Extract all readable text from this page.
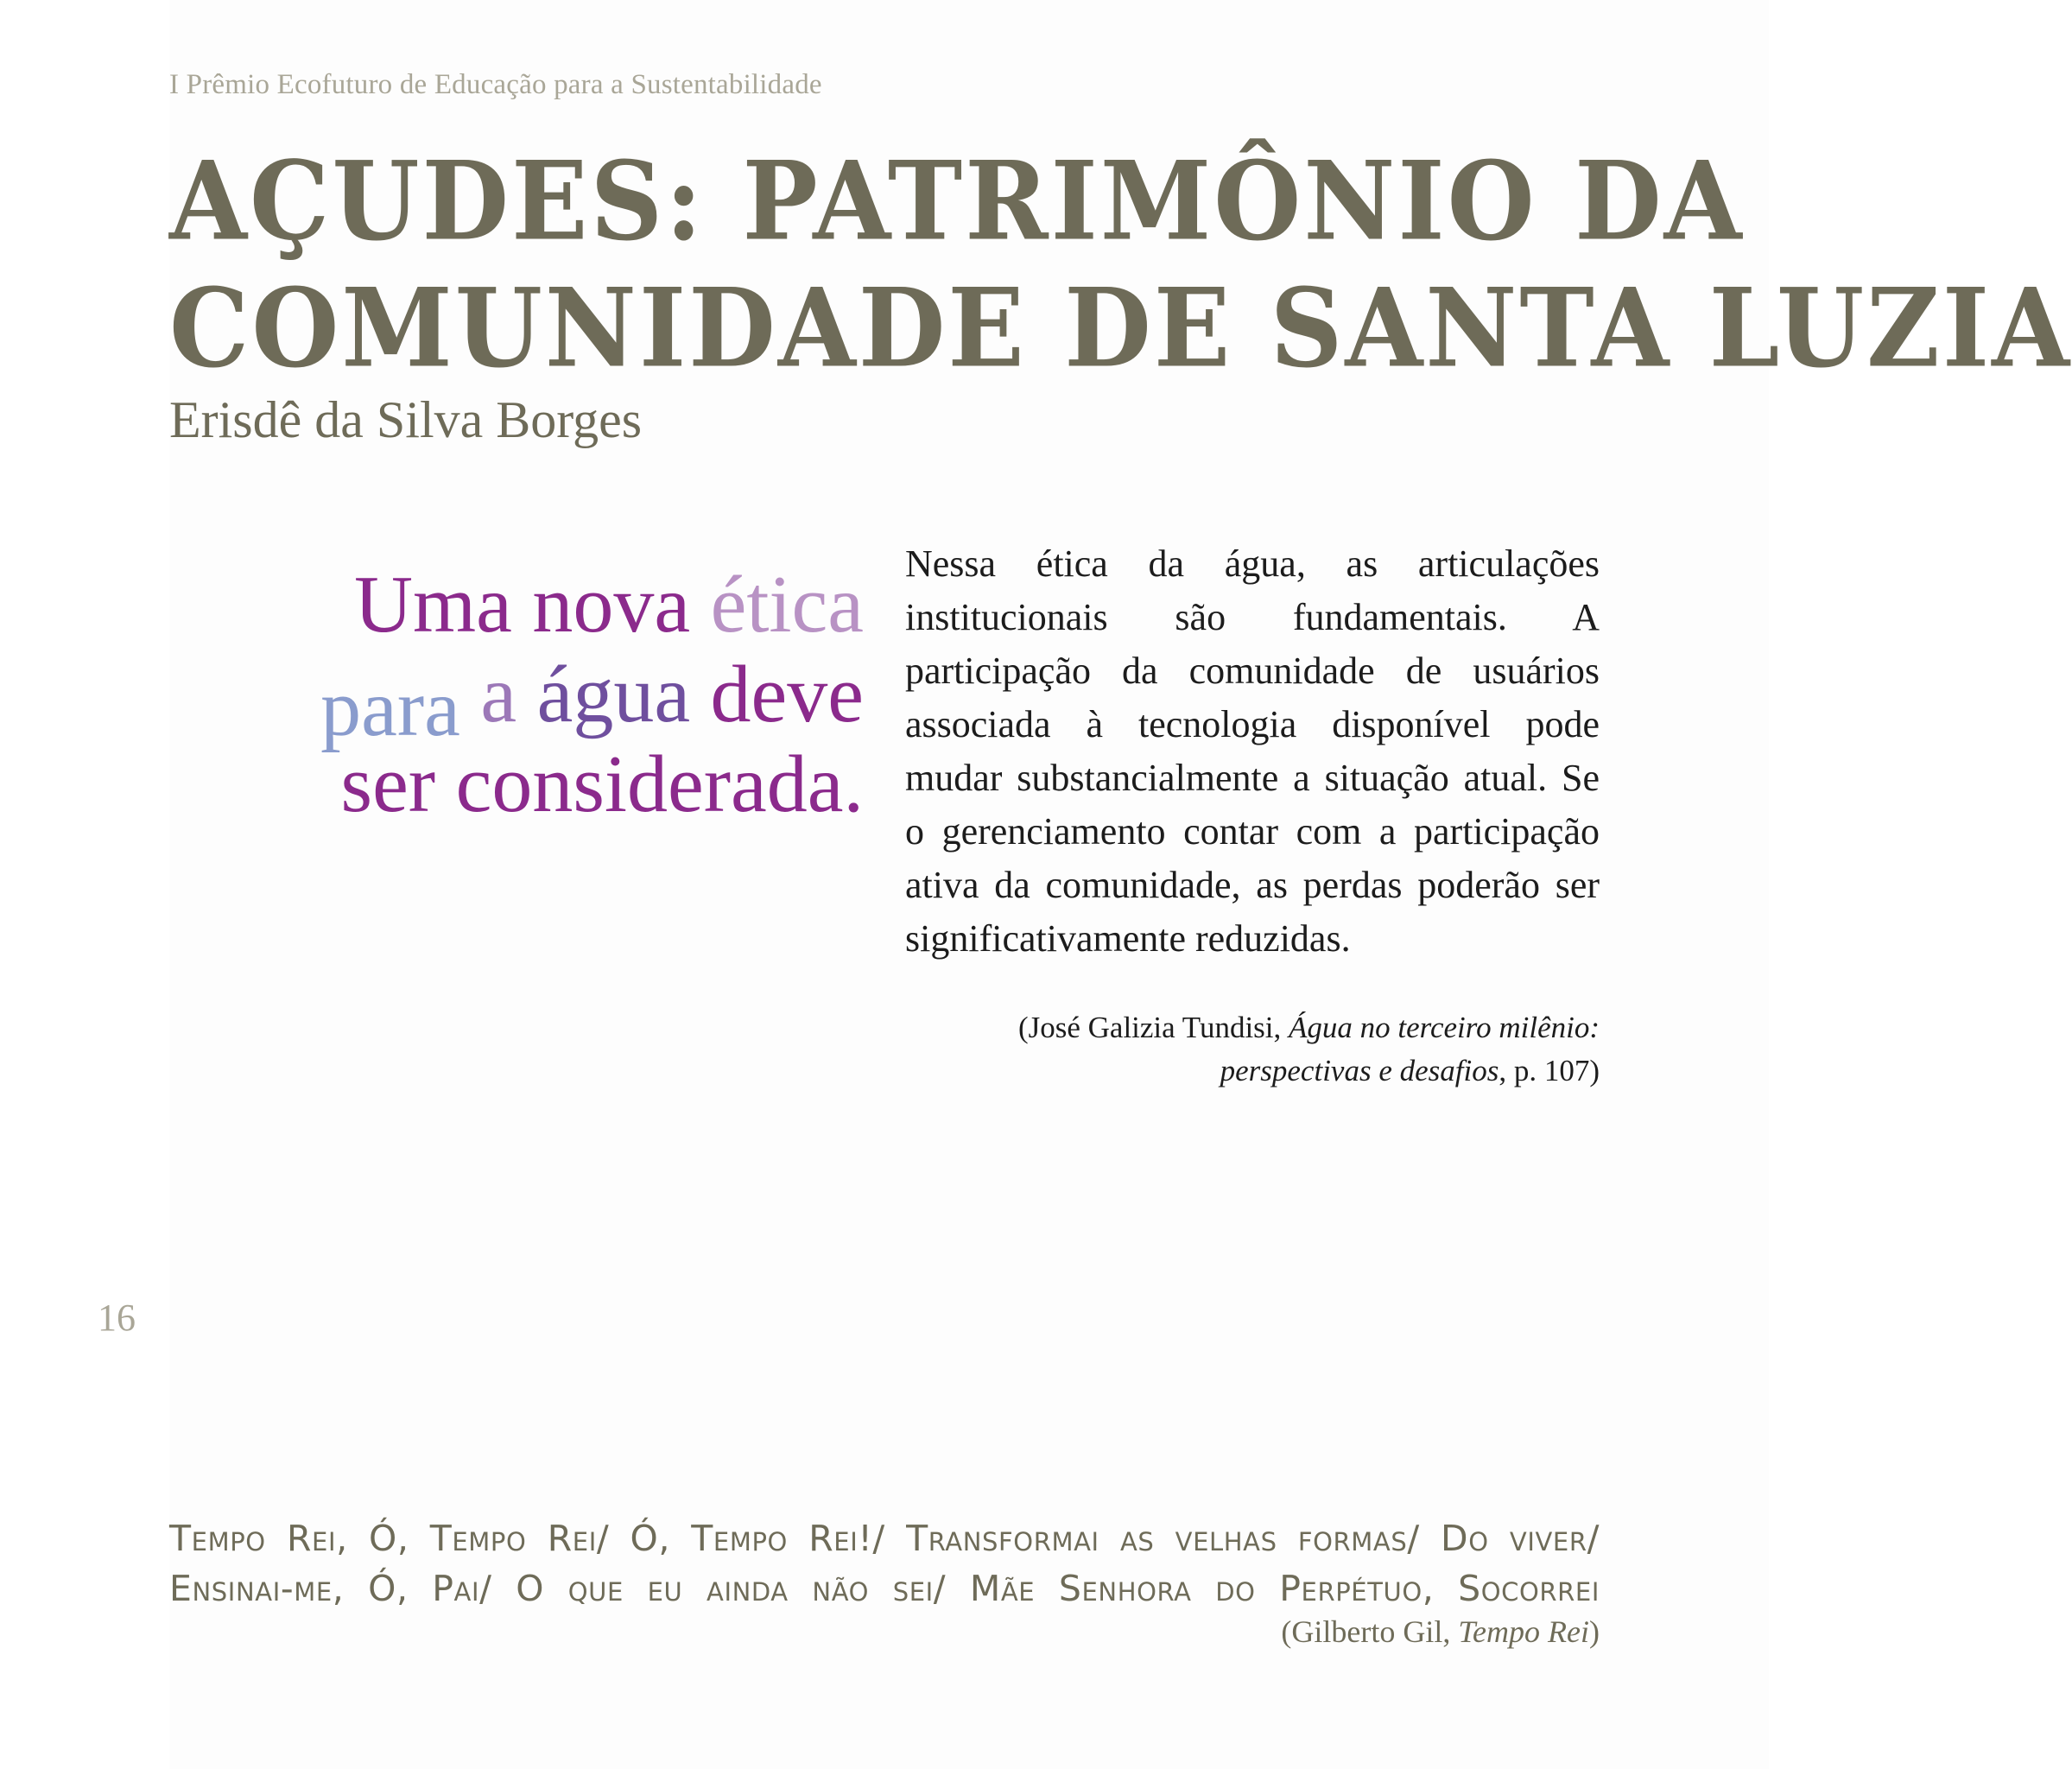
I Prêmio Ecofuturo de Educação para a Sustentabilidade
AÇUDES: PATRIMÔNIO DA
COMUNIDADE DE SANTA LUZIA
Erisdê da Silva Borges
Uma nova ética
para a água deve
ser considerada.
Nessa ética da água, as articulações institucionais são fundamentais. A participação da comunidade de usuários associada à tecnologia disponível pode mudar substancialmente a situação atual. Se o gerenciamento contar com a participação ativa da comunidade, as perdas poderão ser significativamente reduzidas.
(José Galizia Tundisi, Água no terceiro milênio:
perspectivas e desafios, p. 107)
16
Tempo Rei, Ó, Tempo Rei/ Ó, Tempo Rei!/ Transformai as velhas formas/ Do viver/
Ensinai-me, Ó, Pai/ O que eu ainda não sei/ Mãe Senhora do Perpétuo, Socorrei
(Gilberto Gil, Tempo Rei)
